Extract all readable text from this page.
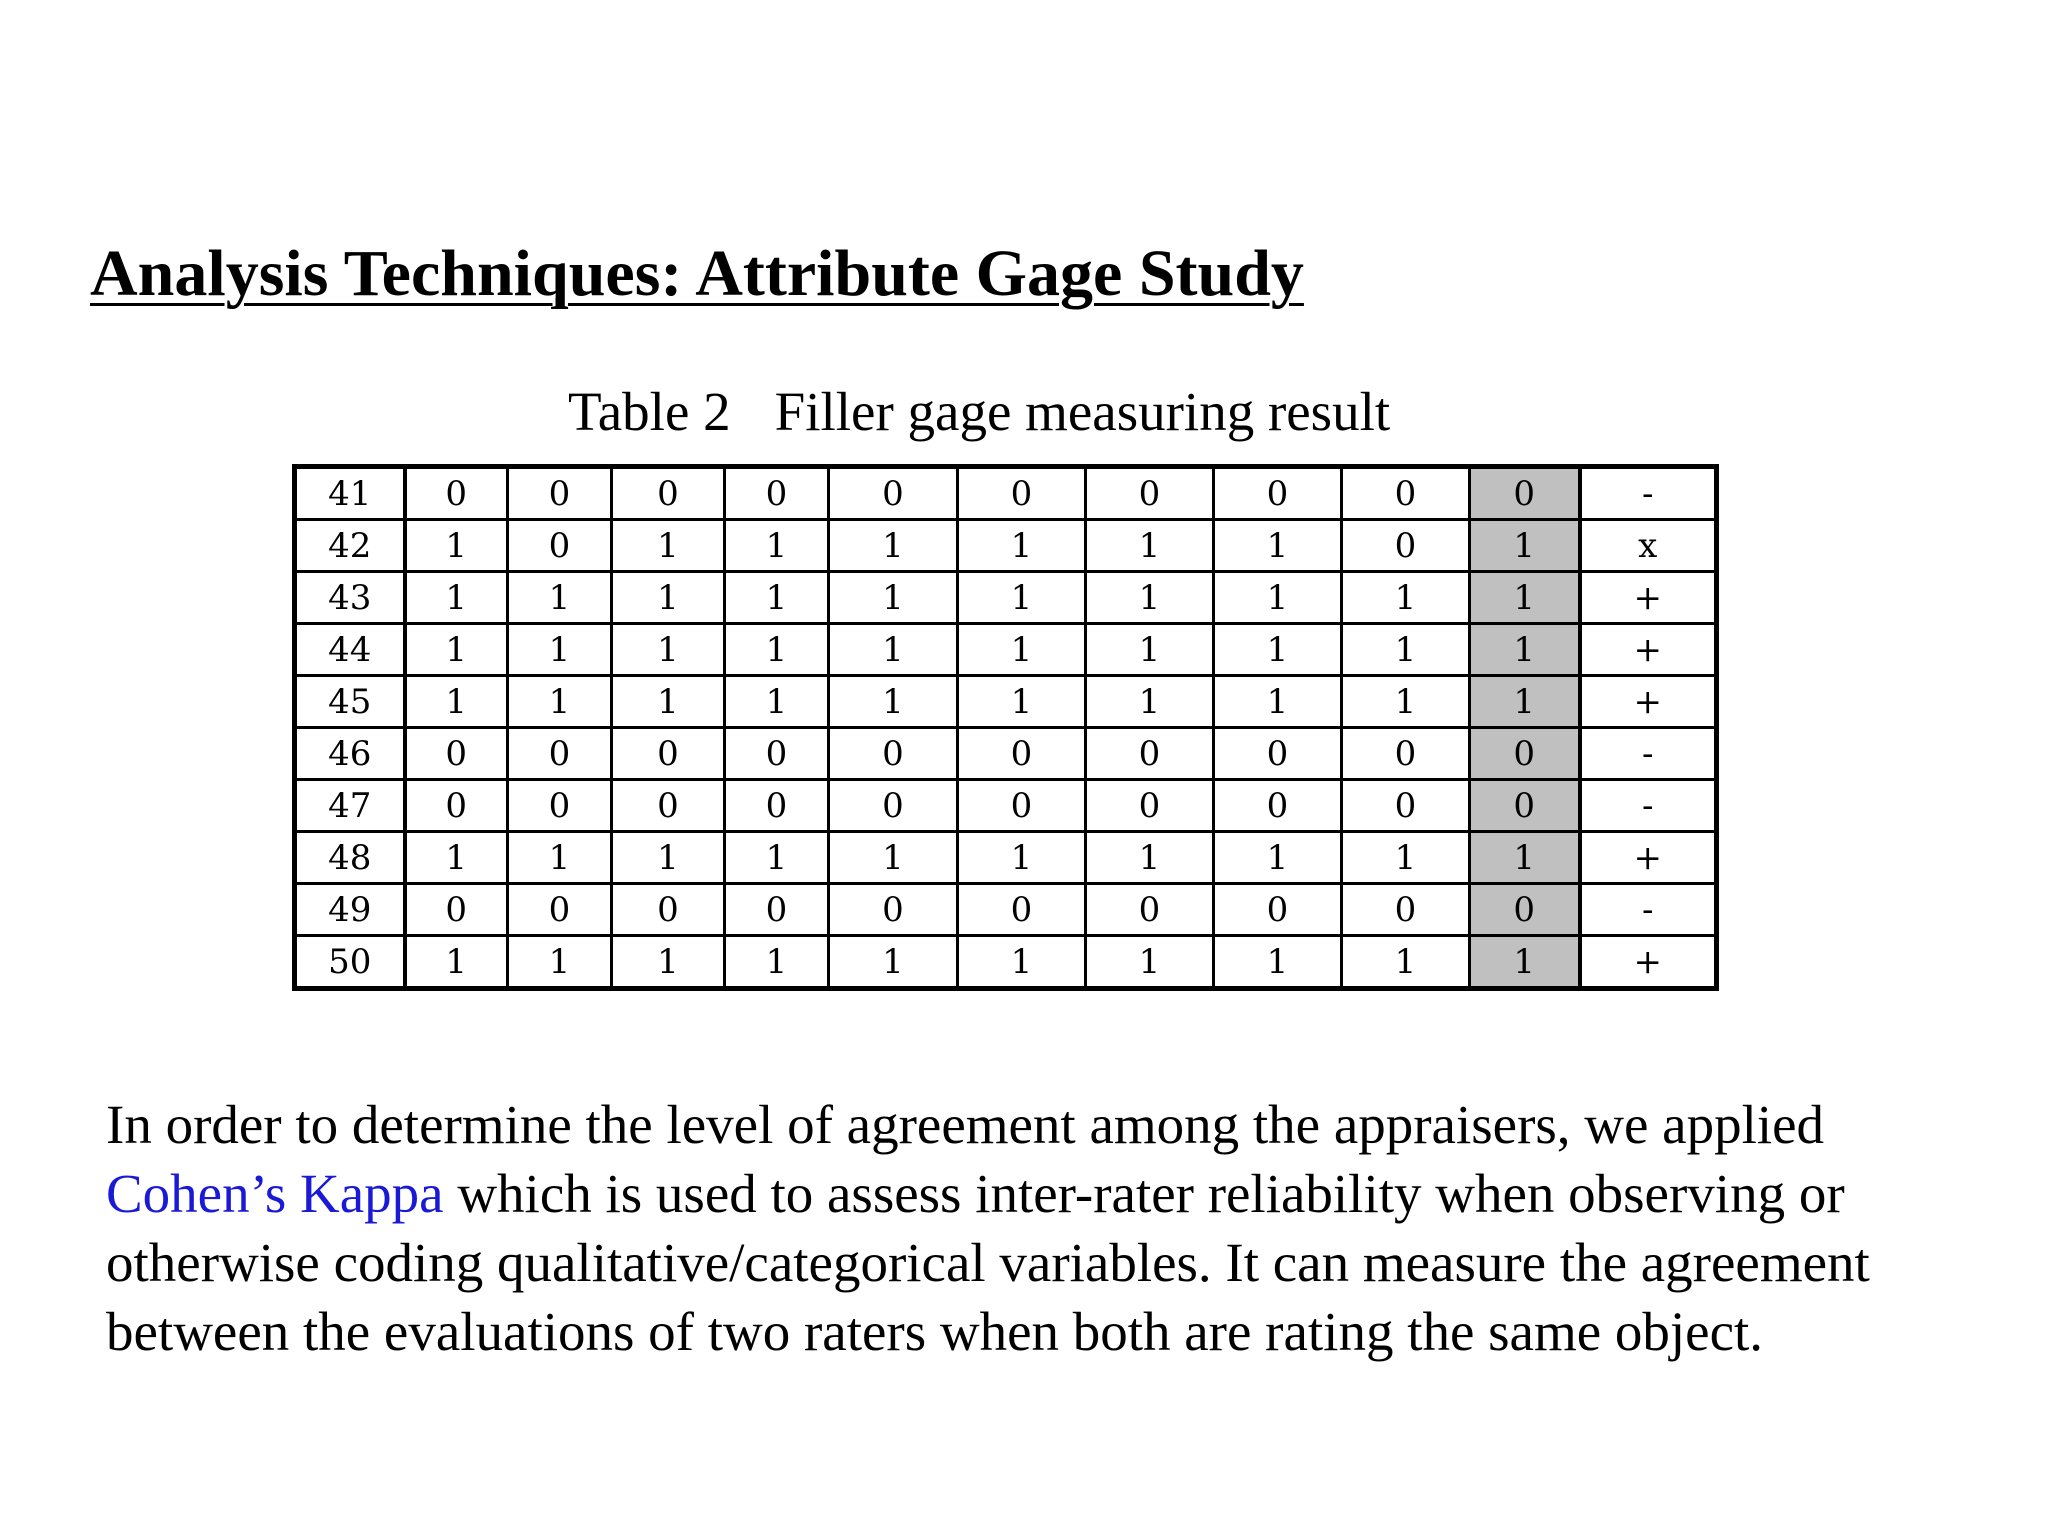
Analysis Techniques: Attribute Gage Study
Table 2 Filler gage measuring result
41	0	0	0	0	0	0	0	0	0	0	-
42	1	0	1	1	1	1	1	1	0	1	x
43	1	1	1	1	1	1	1	1	1	1	+
44	1	1	1	1	1	1	1	1	1	1	+
45	1	1	1	1	1	1	1	1	1	1	+
46	0	0	0	0	0	0	0	0	0	0	-
47	0	0	0	0	0	0	0	0	0	0	-
48	1	1	1	1	1	1	1	1	1	1	+
49	0	0	0	0	0	0	0	0	0	0	-
50	1	1	1	1	1	1	1	1	1	1	+

In order to determine the level of agreement among the appraisers, we applied
Cohen’s Kappa which is used to assess inter-rater reliability when observing or
otherwise coding qualitative/categorical variables. It can measure the agreement
between the evaluations of two raters when both are rating the same object.
